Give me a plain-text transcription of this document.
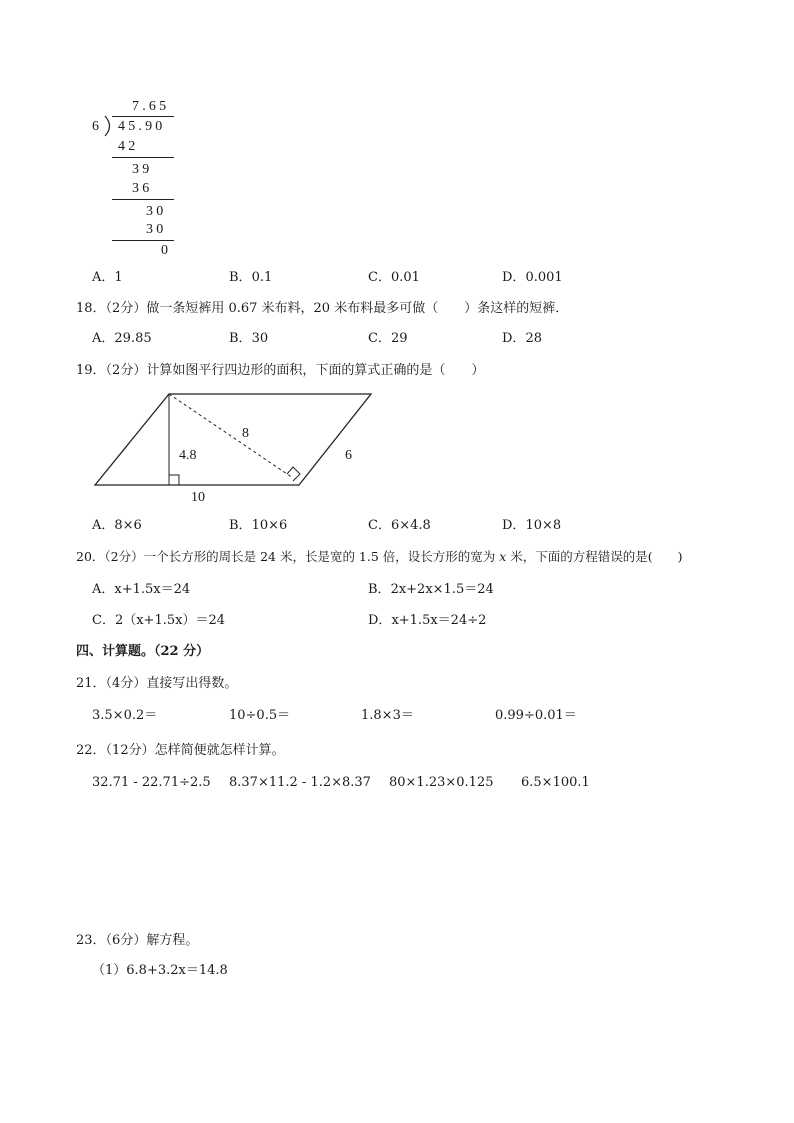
7.65
6 45.90
42
39
36
30
30
0
A．1	B．0.1	C．0.01	D．0.001
18．（2分）做一条短裤用 0.67 米布料，20 米布料最多可做（　　）条这样的短裤．
A．29.85	B．30	C．29	D．28
19．（2分）计算如图平行四边形的面积，下面的算式正确的是（　　）
4.8
8
6
10
A．8×6	B．10×6	C．6×4.8	D．10×8
20．（2分）一个长方形的周长是 24 米，长是宽的 1.5 倍，设长方形的宽为 x 米，下面的方程错误的是(　　)
A．x+1.5x＝24	B．2x+2x×1.5＝24
C．2（x+1.5x）＝24	D．x+1.5x＝24÷2
四、计算题。（22 分）
21．（4分）直接写出得数。
3.5×0.2＝	10÷0.5＝	1.8×3＝	0.99÷0.01＝
22．（12分）怎样简便就怎样计算。
32.71 - 22.71÷2.5 8.37×11.2 - 1.2×8.37 80×1.23×0.125 6.5×100.1
23．（6分）解方程。
（1）6.8+3.2x＝14.8
